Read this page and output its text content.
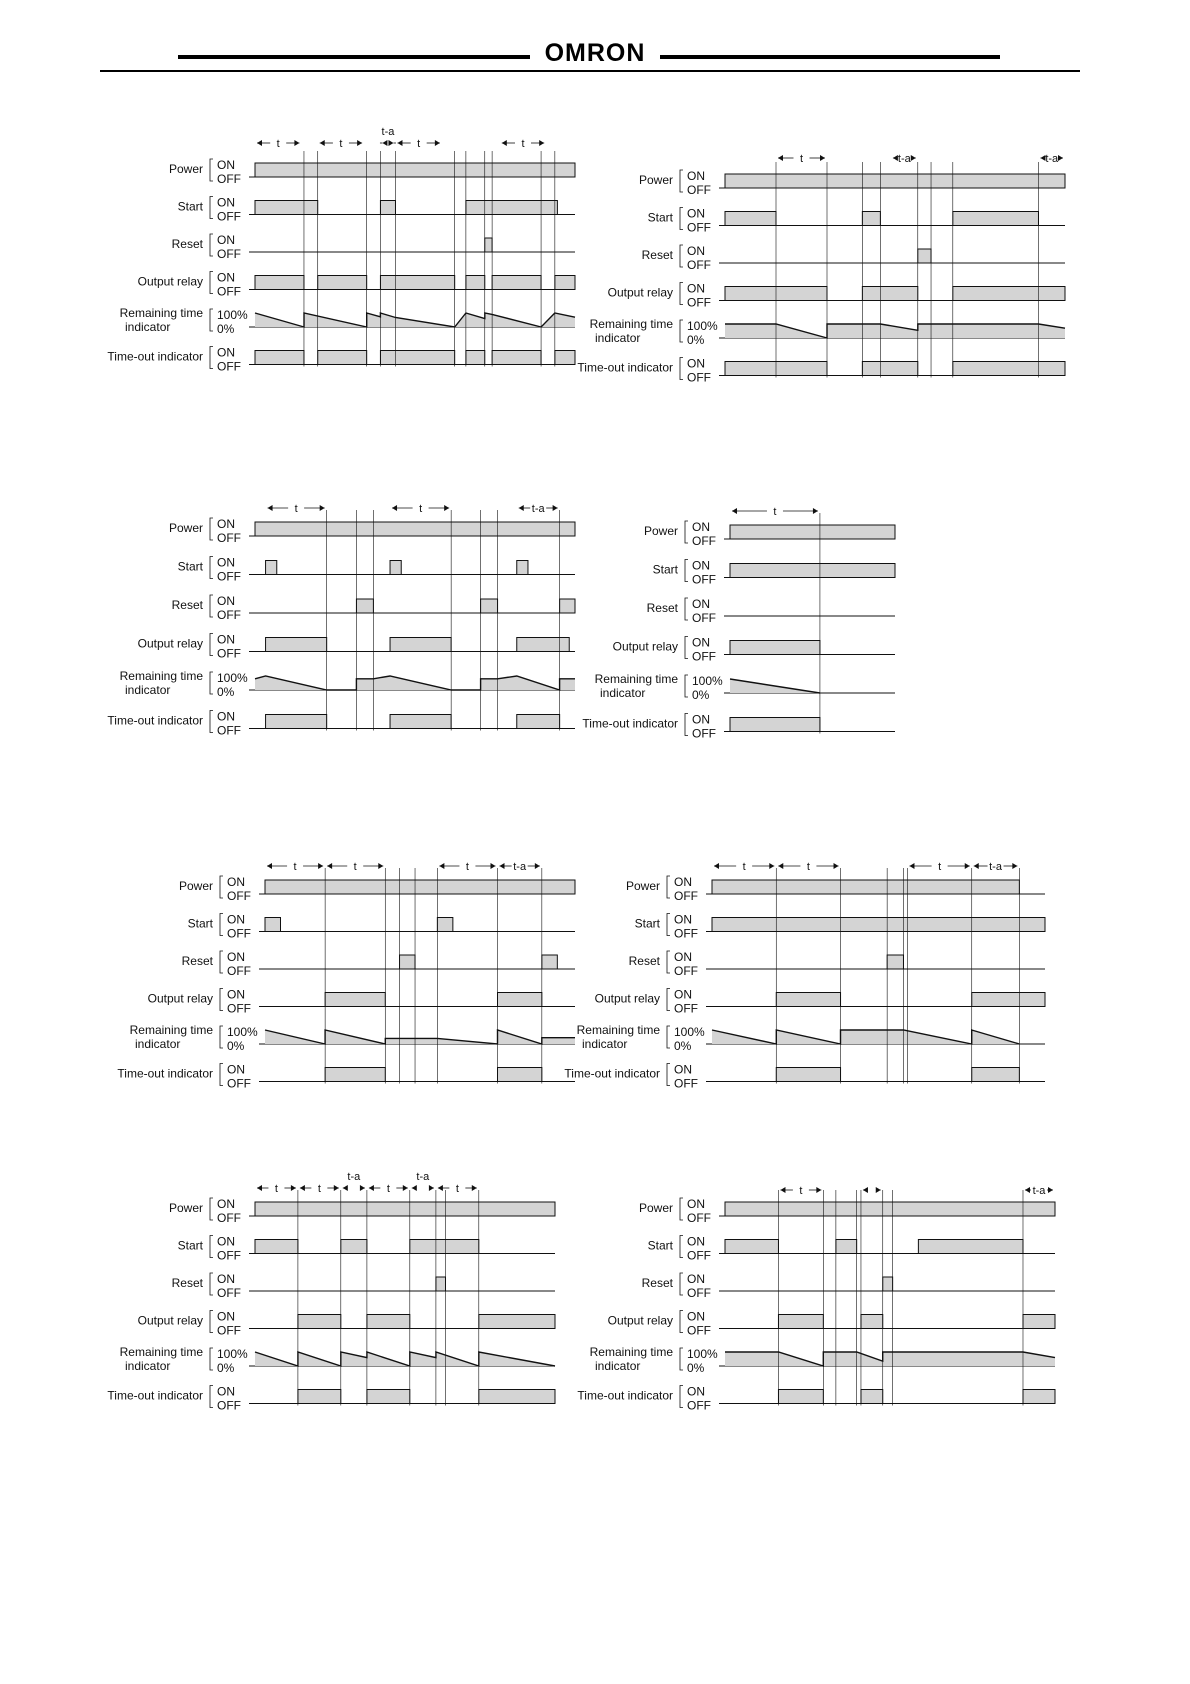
OMRON
Power ON
OFF
Start ON
OFF
Reset ON
OFF
Output relay ON
OFF
Remaining time
indicator
100%
0%
Time-out indicator ON
OFF
t	t
t-a
t	t
Power ON
OFF
Start ON
OFF
Reset ON
OFF
Output relay ON
OFF
Remaining time
indicator
100%
0%
Time-out indicator ON
OFF
t	t-a	t-a
Power ON
OFF
Start ON
OFF
Reset ON
OFF
Output relay ON
OFF
Remaining time
indicator
100%
0%
Time-out indicator ON
OFF
t	t	t-a
Power ON
OFF
Start ON
OFF
Reset ON
OFF
Output relay ON
OFF
Remaining time
indicator
100%
0%
Time-out indicator ON
OFF
t
Power ON
OFF
Start ON
OFF
Reset ON
OFF
Output relay ON
OFF
Remaining time
indicator
100%
0%
Time-out indicator ON
OFF
t	t	t	t-a
Power ON
OFF
Start ON
OFF
Reset ON
OFF
Output relay ON
OFF
Remaining time
indicator
100%
0%
Time-out indicator ON
OFF
t	t	t	t-a
Power ON
OFF
Start ON
OFF
Reset ON
OFF
Output relay ON
OFF
Remaining time
indicator
100%
0%
Time-out indicator ON
OFF
t	t
t-a
t
t-a
t
Power ON
OFF
Start ON
OFF
Reset ON
OFF
Output relay ON
OFF
Remaining time
indicator
100%
0%
Time-out indicator ON
OFF
t	t-a
